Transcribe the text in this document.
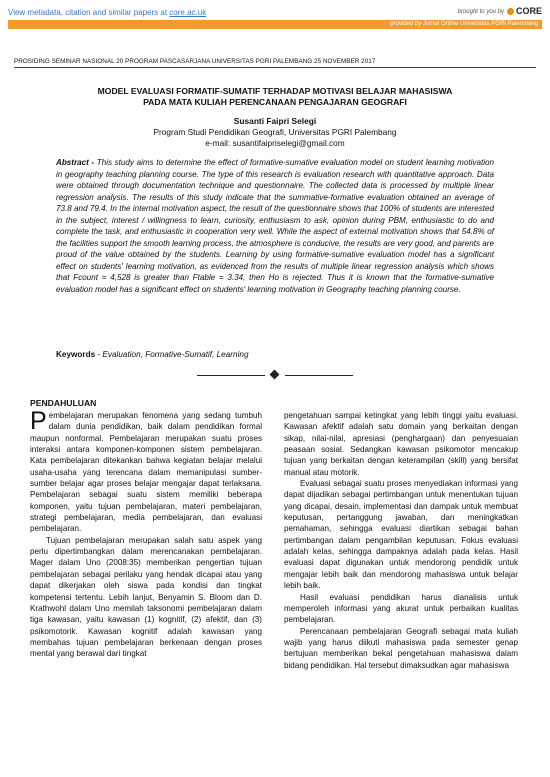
View metadata, citation and similar papers at core.ac.uk	brought to you by	CORE
provided by Jurnal Online Universitas PGRI Palembang
PROSIDING SEMINAR NASIONAL 20 PROGRAM PASCASARJANA UNIVERSITAS PGRI PALEMBANG 25 NOVEMBER 2017
MODEL EVALUASI FORMATIF-SUMATIF TERHADAP MOTIVASI BELAJAR MAHASISWA
PADA MATA KULIAH PERENCANAAN PENGAJARAN GEOGRAFI
Susanti Faipri Selegi
Program Studi Pendidikan Geografi, Universitas PGRI Palembang
e-mail: susantifaipriselegi@gmail.com
Abstract - This study aims to determine the effect of formative-sumative evaluation model on student learning motivation in geography teaching planning course. The type of this research is evaluation research with quantitative approach. Data were obtained through documentation technique and questionnaire. The collected data is processed by multiple linear regression analysis. The results of this study indicate that the summative-formative evaluation obtained an average of 73.8 and 79.4. In the internal motivation aspect, the result of the questionnaire shows that 100% of students are interested in the subject, interest / willingness to learn, curiosity, enthusiasm to ask, opinion during PBM, enthusiastic to do and complete the task, and enthusiastic in cooperation very well. While the aspect of external motivation shows that 54.8% of the facilities support the smooth learning process, the atmosphere is conducive, the results are very good, and parents are proud of the value obtained by the students. Learning by using formative-sumative evaluation model has a significant effect on students' learning motivation, as evidenced from the results of multiple linear regression analysis which shows that Fcount = 4,528 is greater than Ftable = 3.34, then Ho is rejected. Thus it is known that the formative-sumative evaluation model has a significant effect on students' learning motivation in Geography teaching planning course.
Keywords - Evaluation, Formative-Sumatif, Learning
PENDAHULUAN

Pembelajaran merupakan fenomena yang sedang tumbuh dalam dunia pendidikan, baik dalam pendidikan formal maupun nonformal. Pembelajaran merupakan suatu proses interaksi antara komponen-komponen sistem pembelajaran. Kata pembelajaran ditekankan bahwa kegiatan belajar melalui usaha-usaha yang terencana dalam memanipulasi sumber-sumber belajar agar proses belajar mengajar dapat terlaksana. Pembelajaran sebagai suatu sistem memiliki beberapa komponen, yaitu tujuan pembelajaran, materi pembelajaran, strategi pembelajaran, media pembelajaran, dan evaluasi pembelajaran.

Tujuan pembelajaran merupakan salah satu aspek yang perlu dipertimbangkan dalam merencanakan pembelajaran. Mager dalam Uno (2008:35) memberikan pengertian tujuan pembelajaran sebagai perilaku yang hendak dicapai atau yang dapat dikerjakan oleh siswa pada kondisi dan tingkat kompetensi tertentu. Lebih lanjut, Benyamin S. Bloom dan D. Krathwohl dalam Uno memilah taksonomi pembelajaran dalam tiga kawasan, yaitu kawasan (1) kognitif, (2) afektif, dan (3) psikomotorik. Kawasan kognitif adalah kawasan yang membahas tujuan pembelajaran berkenaan dengan proses mental yang berawal dari tingkat

pengetahuan sampai ketingkat yang lebih tinggi yaitu evaluasi. Kawasan afektif adalah satu domain yang berkaitan dengan sikap, nilai-nilai, apresiasi (penghargaan) dan penyesuaian peasaan sosial. Sedangkan kawasan psikomotor mencakup tujuan yang berkaitan dengan keterampilan (skill) yang bersifat manual atau motorik.

Evaluasi sebagai suatu proses menyediakan informasi yang dapat dijadikan sebagai pertimbangan untuk menentukan tujuan yang dicapai, desain, implementasi dan dampak untuk membuat keputusan, pertanggung jawaban, dan meningkatkan pemahaman, sehingga evaluasi diartikan sebagai bahan pertimbangan dalam pengambilan keputusan. Fokus evaluasi adalah kelas, sehingga dampaknya adalah pada kelas. Hasil evaluasi dapat digunakan untuk mendorong pendidik untuk mengajar lebih baik dan mendorong mahasiswa untuk belajar lebih baik.

Hasil evaluasi pendidikan harus dianalisis untuk memperoleh informasi yang akurat untuk perbaikan kualitas pembelajaran.

Perencanaan pembelajaran Geografi sebagai mata kuliah wajib yang harus diikuti mahasiswa pada semester genap bertujuan memberikan bekal pengetahuan mahasiswa dalam bidang pendidikan. Hal tersebut dimaksudkan agar mahasiswa
